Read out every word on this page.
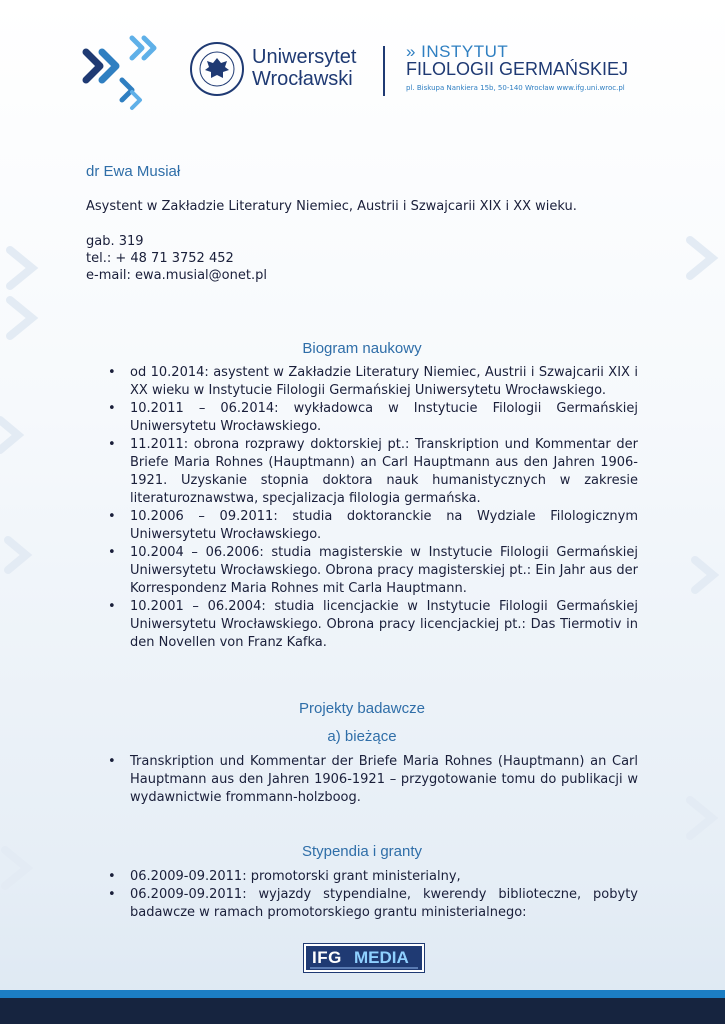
Uniwersytet
Wrocławski
» INSTYTUT
FILOLOGII GERMAŃSKIEJ
pl. Biskupa Nankiera 15b, 50-140 Wrocław www.ifg.uni.wroc.pl
dr Ewa Musiał
Asystent w Zakładzie Literatury Niemiec, Austrii i Szwajcarii XIX i XX wieku.
gab. 319
tel.: + 48 71 3752 452
e-mail: ewa.musial@onet.pl
Biogram naukowy
• od 10.2014: asystent w Zakładzie Literatury Niemiec, Austrii i Szwajcarii XIX i XX wieku w Instytucie Filologii Germańskiej Uniwersytetu Wrocławskiego.
• 10.2011 – 06.2014: wykładowca w Instytucie Filologii Germańskiej Uniwersytetu Wrocławskiego.
• 11.2011: obrona rozprawy doktorskiej pt.: Transkription und Kommentar der Briefe Maria Rohnes (Hauptmann) an Carl Hauptmann aus den Jahren 1906-1921. Uzyskanie stopnia doktora nauk humanistycznych w zakresie literaturoznawstwa, specjalizacja filologia germańska.
• 10.2006 – 09.2011: studia doktoranckie na Wydziale Filologicznym Uniwersytetu Wrocławskiego.
• 10.2004 – 06.2006: studia magisterskie w Instytucie Filologii Germańskiej Uniwersytetu Wrocławskiego. Obrona pracy magisterskiej pt.: Ein Jahr aus der Korrespondenz Maria Rohnes mit Carla Hauptmann.
• 10.2001 – 06.2004: studia licencjackie w Instytucie Filologii Germańskiej Uniwersytetu Wrocławskiego. Obrona pracy licencjackiej pt.: Das Tiermotiv in den Novellen von Franz Kafka.
Projekty badawcze
a) bieżące
• Transkription und Kommentar der Briefe Maria Rohnes (Hauptmann) an Carl Hauptmann aus den Jahren 1906-1921 – przygotowanie tomu do publikacji w wydawnictwie frommann-holzboog.
Stypendia i granty
• 06.2009-09.2011: promotorski grant ministerialny,
• 06.2009-09.2011: wyjazdy stypendialne, kwerendy biblioteczne, pobyty badawcze w ramach promotorskiego grantu ministerialnego:
IFG MEDIA
